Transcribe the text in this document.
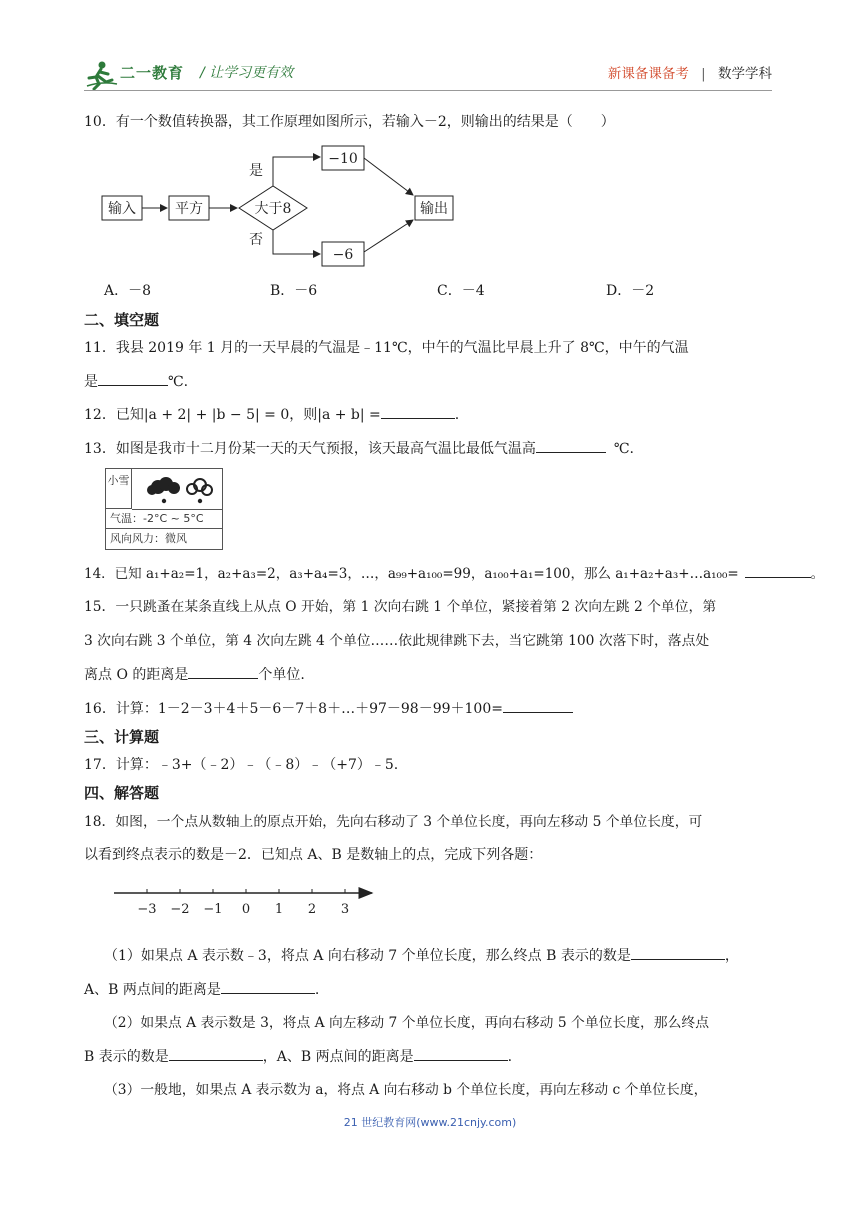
二一教育 / 让学习更有效	新课备课备考 | 数学学科
10．有一个数值转换器，其工作原理如图所示，若输入－2，则输出的结果是（　　）
输入	平方	大于8
是
否
−10
−6
输出
A．－8	B．－6	C．－4	D．－2
二、填空题
11．我县 2019 年 1 月的一天早晨的气温是﹣11℃，中午的气温比早晨上升了 8℃，中午的气温
是	℃.
12．已知|a + 2| + |b − 5| = 0，则|a + b| =	.
13．如图是我市十二月份某一天的天气预报，该天最高气温比最低气温高	℃.
小雪
气温：-2°C ~ 5°C
风向风力：微风
14．已知 a₁+a₂=1，a₂+a₃=2，a₃+a₄=3，…，a₉₉+a₁₀₀=99，a₁₀₀+a₁=100，那么 a₁+a₂+a₃+…a₁₀₀=	。
15．一只跳蚤在某条直线上从点 O 开始，第 1 次向右跳 1 个单位，紧接着第 2 次向左跳 2 个单位，第
3 次向右跳 3 个单位，第 4 次向左跳 4 个单位……依此规律跳下去，当它跳第 100 次落下时，落点处
离点 O 的距离是	个单位.
16．计算：1－2－3＋4＋5－6－7＋8＋…＋97－98－99＋100=
三、计算题
17．计算：﹣3+（﹣2）﹣（﹣8）﹣（+7）﹣5.
四、解答题
18．如图，一个点从数轴上的原点开始，先向右移动了 3 个单位长度，再向左移动 5 个单位长度，可
以看到终点表示的数是－2．已知点 A、B 是数轴上的点，完成下列各题：
−3 −2 −1 0 1 2 3
（1）如果点 A 表示数﹣3，将点 A 向右移动 7 个单位长度，那么终点 B 表示的数是	，
A、B 两点间的距离是	.
（2）如果点 A 表示数是 3，将点 A 向左移动 7 个单位长度，再向右移动 5 个单位长度，那么终点
B 表示的数是	，A、B 两点间的距离是	.
（3）一般地，如果点 A 表示数为 a，将点 A 向右移动 b 个单位长度，再向左移动 c 个单位长度，
21 世纪教育网(www.21cnjy.com)
